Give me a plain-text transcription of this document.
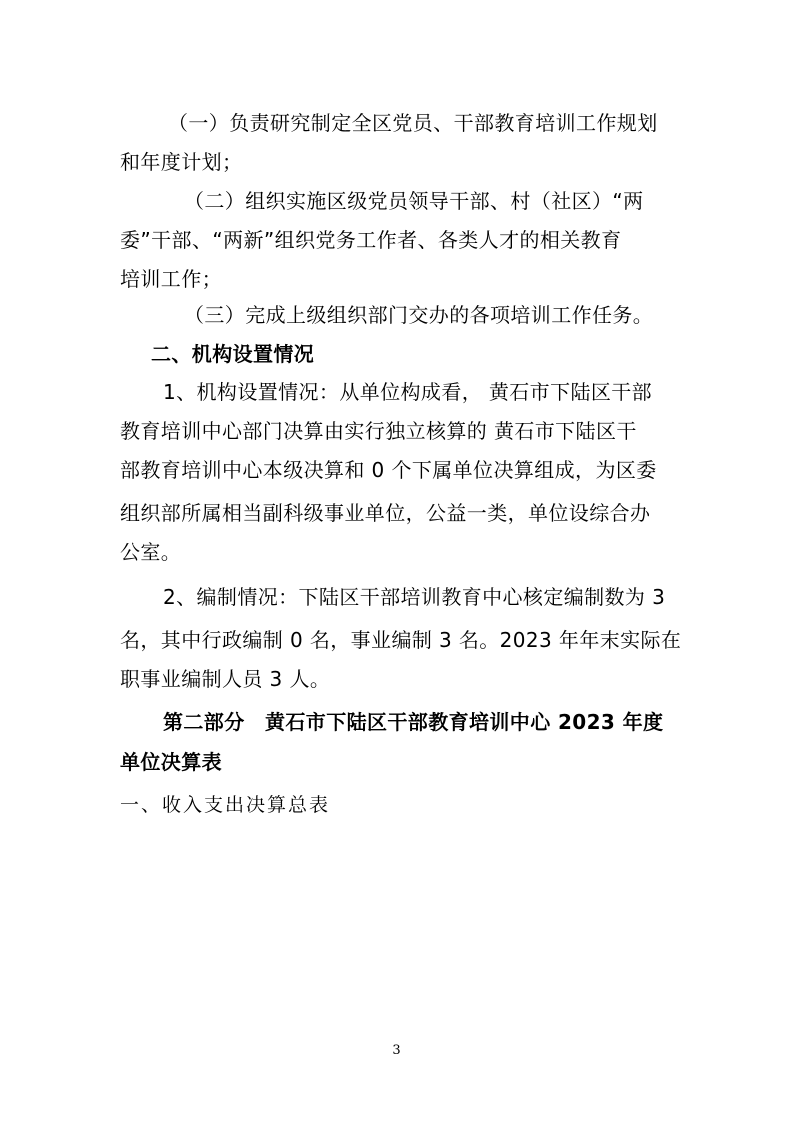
（一）负责研究制定全区党员、干部教育培训工作规划
和年度计划；
（二）组织实施区级党员领导干部、村（社区）“两
委”干部、“两新”组织党务工作者、各类人才的相关教育
培训工作；
（三）完成上级组织部门交办的各项培训工作任务。
二、机构设置情况
1、机构设置情况：从单位构成看， 黄石市下陆区干部
教育培训中心部门决算由实行独立核算的 黄石市下陆区干
部教育培训中心本级决算和 0 个下属单位决算组成，为区委
组织部所属相当副科级事业单位，公益一类，单位设综合办
公室。
2、编制情况：下陆区干部培训教育中心核定编制数为 3
名，其中行政编制 0 名，事业编制 3 名。2023 年年末实际在
职事业编制人员 3 人。
第二部分　黄石市下陆区干部教育培训中心 2023 年度
单位决算表
一、收入支出决算总表
3
